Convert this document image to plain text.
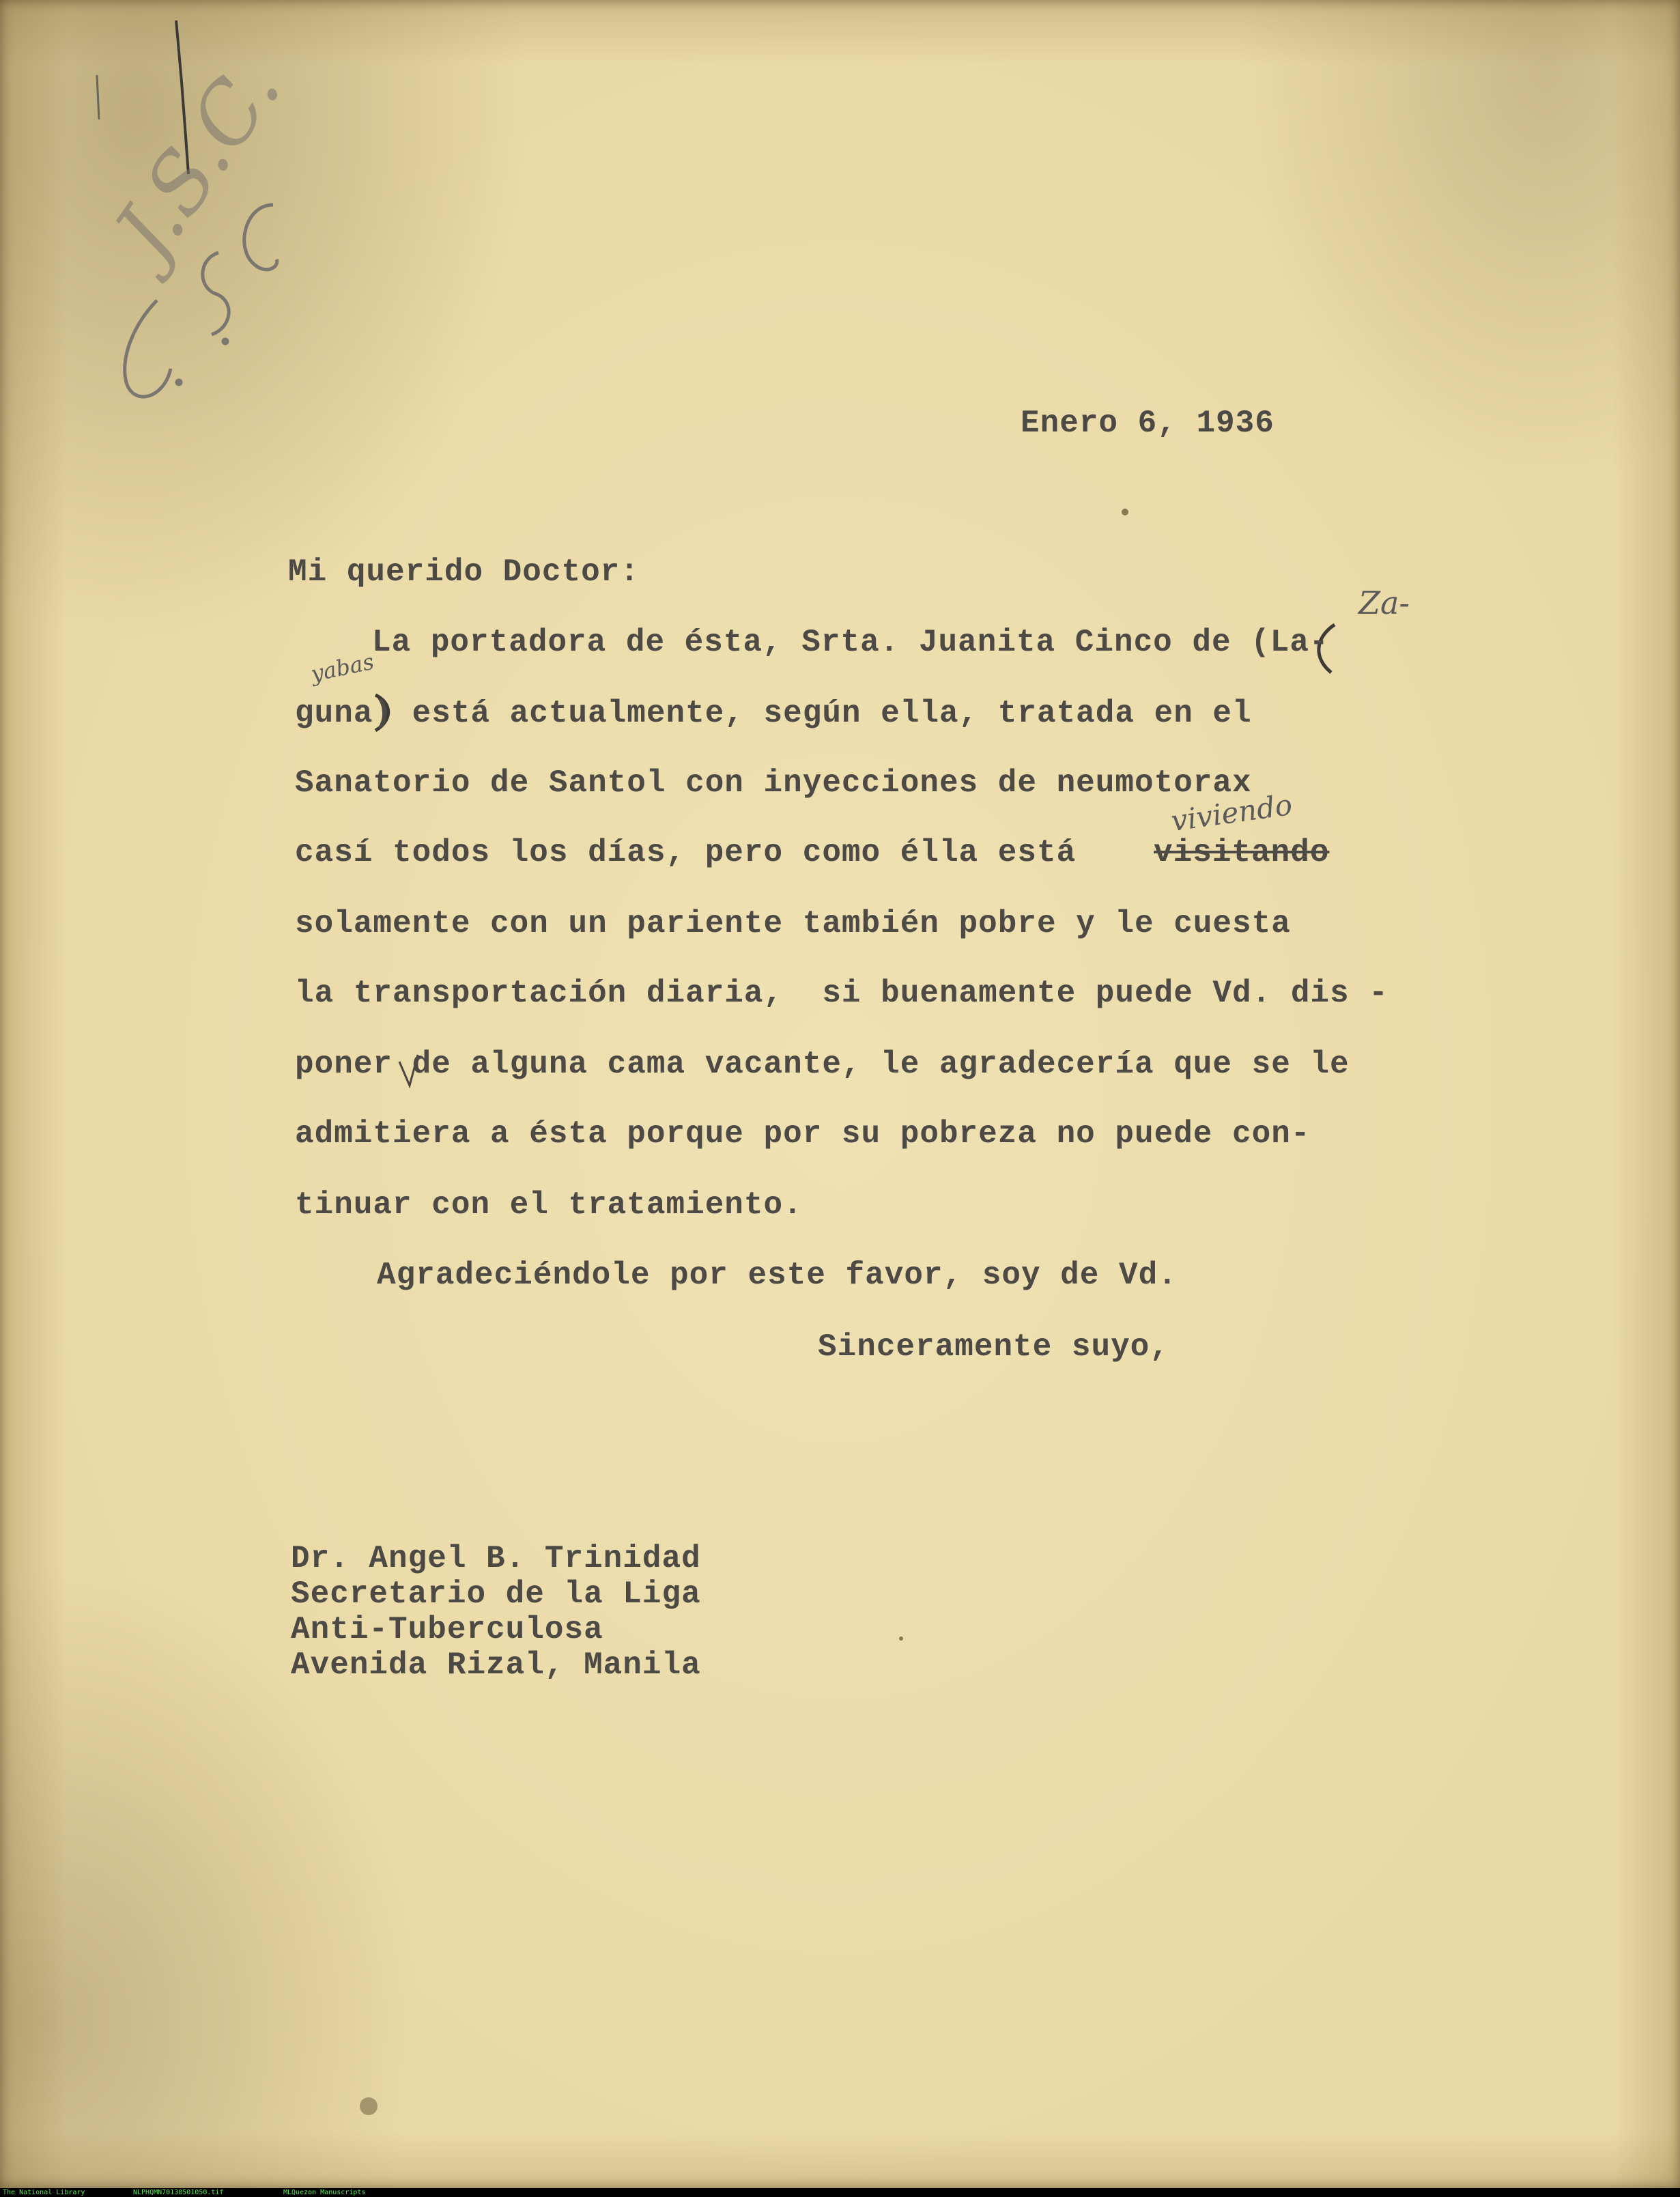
J.S.C.
Za-
yabas
viviendo
Enero 6, 1936
Mi querido Doctor:
La portadora de ésta, Srta. Juanita Cinco de (La-
guna) está actualmente, según ella, tratada en el
Sanatorio de Santol con inyecciones de neumotorax
casí todos los días, pero como élla está visitando
solamente con un pariente también pobre y le cuesta
la transportación diaria,  si buenamente puede Vd. dis -
poner de alguna cama vacante, le agradecería que se le
admitiera a ésta porque por su pobreza no puede con-
tinuar con el tratamiento.
Agradeciéndole por este favor, soy de Vd.
Sinceramente suyo,
Dr. Angel B. Trinidad
Secretario de la Liga
Anti-Tuberculosa
Avenida Rizal, Manila
The National Library	NLPHQMN70130501050.tif	MLQuezon Manuscripts
